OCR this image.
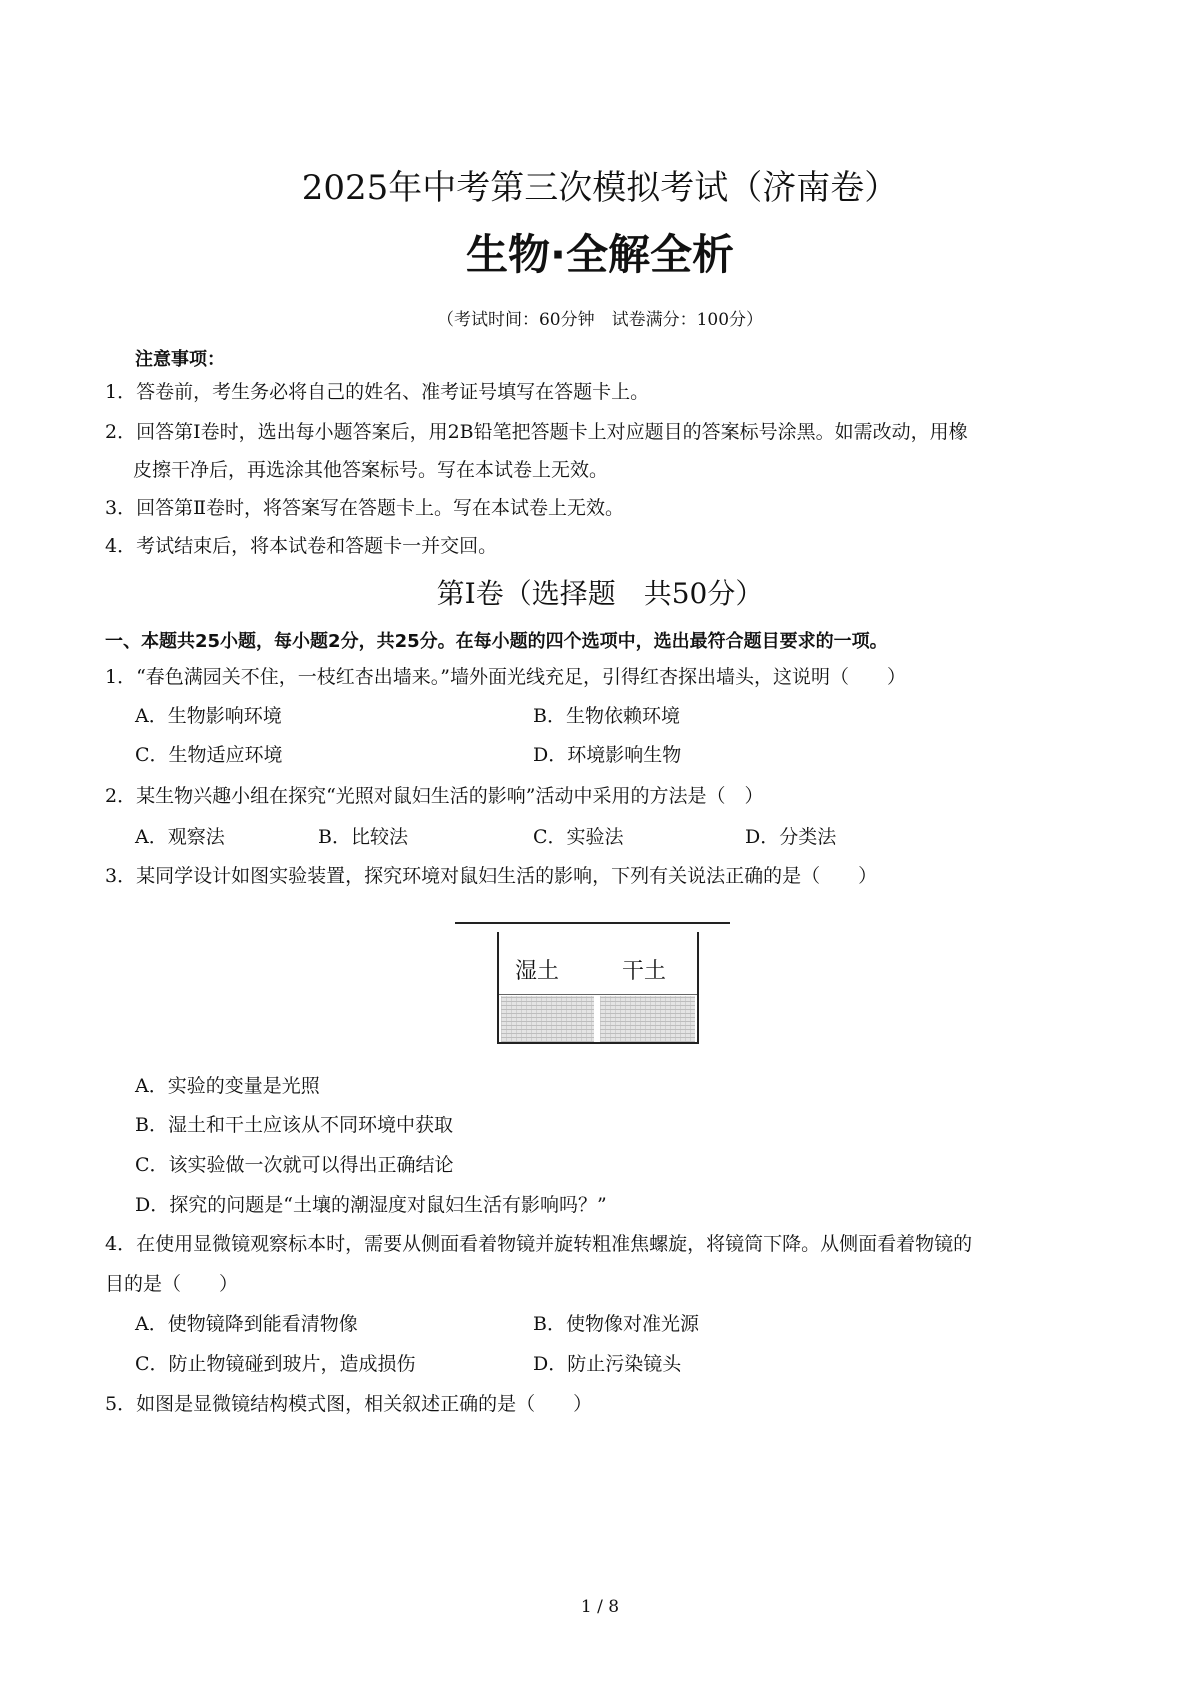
2025年中考第三次模拟考试（济南卷）
生物·全解全析
（考试时间：60分钟　试卷满分：100分）
注意事项：
1．答卷前，考生务必将自己的姓名、准考证号填写在答题卡上。
2．回答第Ⅰ卷时，选出每小题答案后，用2B铅笔把答题卡上对应题目的答案标号涂黑。如需改动，用橡
皮擦干净后，再选涂其他答案标号。写在本试卷上无效。
3．回答第Ⅱ卷时，将答案写在答题卡上。写在本试卷上无效。
4．考试结束后，将本试卷和答题卡一并交回。
第Ⅰ卷（选择题　共50分）
一、本题共25小题，每小题2分，共25分。在每小题的四个选项中，选出最符合题目要求的一项。
1．“春色满园关不住，一枝红杏出墙来。”墙外面光线充足，引得红杏探出墙头，这说明（　　）
A．生物影响环境	B．生物依赖环境
C．生物适应环境	D．环境影响生物
2．某生物兴趣小组在探究“光照对鼠妇生活的影响”活动中采用的方法是（　）
A．观察法	B．比较法	C．实验法	D．分类法
3．某同学设计如图实验装置，探究环境对鼠妇生活的影响，下列有关说法正确的是（　　）
湿土	干土
A．实验的变量是光照
B．湿土和干土应该从不同环境中获取
C．该实验做一次就可以得出正确结论
D．探究的问题是“土壤的潮湿度对鼠妇生活有影响吗？”
4．在使用显微镜观察标本时，需要从侧面看着物镜并旋转粗准焦螺旋，将镜筒下降。从侧面看着物镜的
目的是（　　）
A．使物镜降到能看清物像	B．使物像对准光源
C．防止物镜碰到玻片，造成损伤	D．防止污染镜头
5．如图是显微镜结构模式图，相关叙述正确的是（　　）
1 / 8
